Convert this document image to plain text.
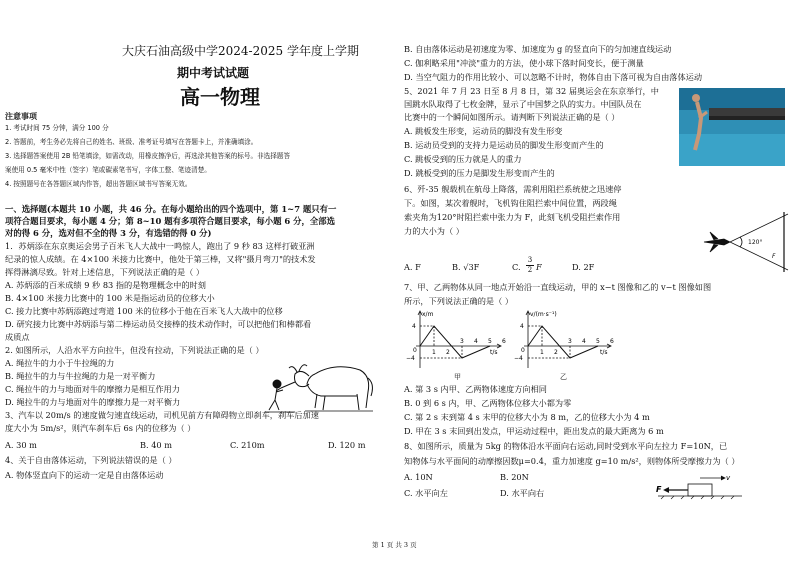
大庆石油高级中学2024-2025 学年度上学期
期中考试试题
高一物理
注意事项
1. 考试时间 75 分钟，满分 100 分
2. 答题前，考生务必先将自己的姓名、班级、准考证号填写在答题卡上，并准确填涂。
3. 选择题答案使用 2B 铅笔填涂，如需改动，用橡皮擦净后，再选涂其他答案的标号。非选择题答
案使用 0.5 毫米中性（签字）笔或碳素笔书写，字体工整、笔迹清楚。
4. 按照题号在各答题区域内作答，超出答题区域书写答案无效。
一、选择题(本题共 10 小题，共 46 分。在每小题给出的四个选项中，第 1~7 题只有一
项符合题目要求，每小题 4 分；第 8~10 题有多项符合题目要求，每小题 6 分，全部选
对的得 6 分，选对但不全的得 3 分，有选错的得 0 分)
1．苏炳添在东京奥运会男子百米飞人大战中一鸣惊人，跑出了 9 秒 83 这样打破亚洲
纪录的惊人成绩。在 4×100 米接力比赛中，他处于第三棒，又将"摄月弯刀"的技术发
挥得淋漓尽致。针对上述信息，下列说法正确的是（ ）
A. 苏炳添的百米成绩 9 秒 83 指的是物理概念中的时刻
B. 4×100 米接力比赛中的 100 米是指运动员的位移大小
C. 接力比赛中苏炳添跑过弯道 100 米的位移小于他在百米飞人大战中的位移
D. 研究接力比赛中苏炳添与第二棒运动员交接棒的技术动作时，可以把他们和棒都看
成质点
2. 如图所示，人沿水平方向拉牛，但没有拉动，下列说法正确的是（ ）
A. 绳拉牛的力小于牛拉绳的力
B. 绳拉牛的力与牛拉绳的力是一对平衡力
C. 绳拉牛的力与地面对牛的摩擦力是相互作用力
D. 绳拉牛的力与地面对牛的摩擦力是一对平衡力
3、汽车以 20m/s 的速度做匀速直线运动，司机见前方有障碍物立即刹车，刹车后加速
度大小为 5m/s²，则汽车刹车后 6s 内的位移为（ ）
A. 30 m	B. 40 m	C. 210m	D. 120 m
4、关于自由落体运动，下列说法错误的是（ ）
A. 物体竖直向下的运动一定是自由落体运动
B. 自由落体运动是初速度为零、加速度为 g 的竖直向下的匀加速直线运动
C. 伽利略采用"冲淡"重力的方法，使小球下落时间变长，便于测量
D. 当空气阻力的作用比较小、可以忽略不计时，物体自由下落可视为自由落体运动
5、2021 年 7 月 23 日至 8 月 8 日，第 32 届奥运会在东京举行，中
国跳水队取得了七枚金牌，显示了中国梦之队的实力。中国队员在
比赛中的一个瞬间如图所示。请判断下列说法正确的是（ ）
A. 跳板发生形变，运动员的脚没有发生形变
B. 运动员受到的支持力是运动员的脚发生形变而产生的
C. 跳板受到的压力就是人的重力
D. 跳板受到的压力是脚发生形变而产生的
6、歼-35 舰载机在航母上降落，需利用阻拦系统使之迅速停
下。如图，某次着舰时，飞机钩住阻拦索中间位置，两段绳
索夹角为120°时阻拦索中张力为 F，此刻飞机受阻拦索作用
力的大小为（ ）
A. F	B. √3F	C.
3
2 F	D. 2F
120°
F
7、甲、乙两物体从同一地点开始沿一直线运动，甲的 x−t 图像和乙的 v−t 图像如图
所示，下列说法正确的是（ ）
x/m
t/s
4
−4
0	1 2
3 4 5 6
甲
v/(m·s⁻¹)
t/s
4
−4
0	1 2
3 4 5 6
乙
A. 第 3 s 内甲、乙两物体速度方向相同
B. 0 到 6 s 内，甲、乙两物体位移大小都为零
C. 第 2 s 末到第 4 s 末甲的位移大小为 8 m，乙的位移大小为 4 m
D. 甲在 3 s 末回到出发点，甲运动过程中，距出发点的最大距离为 6 m
8、如图所示，质量为 5kg 的物体沿水平面向右运动,同时受到水平向左拉力 F=10N，已
知物体与水平面间的动摩擦因数μ=0.4，重力加速度 g=10 m/s²，则物体所受摩擦力为（ ）
A. 10N	B. 20N
C. 水平向左	D. 水平向右	F
v
第 1 页 共 3 页
